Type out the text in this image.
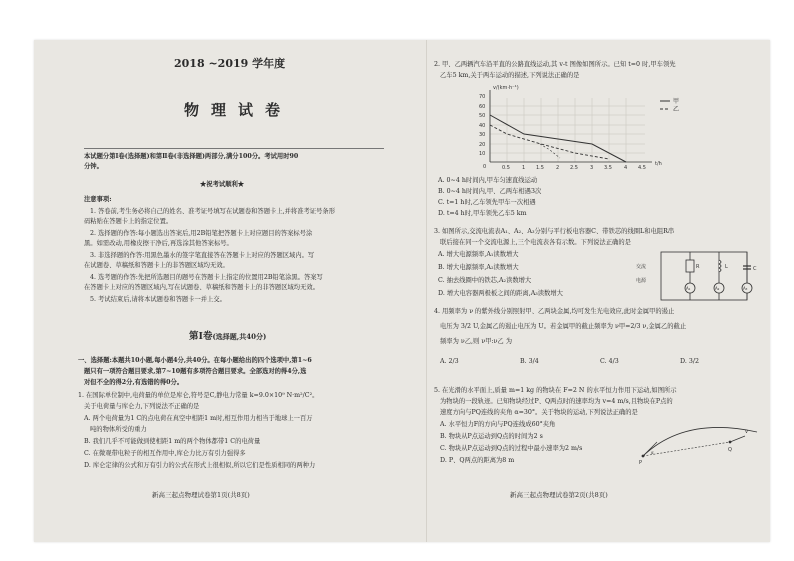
2018 ~2019 学年度
物理试卷
本试题分第Ⅰ卷(选择题)和第Ⅱ卷(非选择题)两部分,满分100分。考试用时90
分钟。
★祝考试顺利★
注意事项:
1. 答卷前,考生务必将自己的姓名、准考证号填写在试题卷和答题卡上,并将准考证号条形
码粘贴在答题卡上的指定位置。
2. 选择题的作答:每小题选出答案后,用2B铅笔把答题卡上对应题目的答案标号涂
黑。如需改动,用橡皮擦干净后,再选涂其他答案标号。
3. 非选择题的作答:用黑色墨水的签字笔直接答在答题卡上对应的答题区域内。写
在试题卷、草稿纸和答题卡上的非答题区域均无效。
4. 选考题的作答:先把所选题目的题号在答题卡上指定的位置用2B铅笔涂黑。答案写
在答题卡上对应的答题区域内,写在试题卷、草稿纸和答题卡上的非答题区域均无效。
5. 考试结束后,请将本试题卷和答题卡一并上交。
第Ⅰ卷(选择题,共40分)
一、选择题:本题共10小题,每小题4分,共40分。在每小题给出的四个选项中,第1~6
题只有一项符合题目要求,第7~10题有多项符合题目要求。全部选对的得4分,选
对但不全的得2分,有选错的得0分。
1. 在国际单位制中,电荷量的单位是库仑,符号是C,静电力常量 k=9.0×10⁹ N·m²/C²。
关于电荷量与库仑力,下列说法不正确的是
A. 两个电荷量为1 C的点电荷在真空中相距1 m时,相互作用力相当于地球上一百万
吨的物体所受的重力
B. 我们几乎不可能做到使相距1 m的两个物体都带1 C的电荷量
C. 在微观带电粒子的相互作用中,库仑力比万有引力强得多
D. 库仑定律的公式和万有引力的公式在形式上很相似,所以它们是性质相同的两种力
新高三起点物理试卷第1页(共8页)
2. 甲、乙两辆汽车沿平直的公路直线运动,其 v-t 图像如图所示。已知 t=0 时,甲车领先
乙车5 km,关于两车运动的描述,下列说法正确的是
70
60
50
40
30
20
10
0	0.5 1 1.5 2 2.5 3 3.5 4 4.5
v/(km·h⁻¹)
t/h
甲
乙
A. 0~4 h时间内,甲车匀速直线运动
B. 0~4 h时间内,甲、乙两车相遇3次
C. t=1 h时,乙车领先甲车一次相遇
D. t=4 h时,甲车领先乙车5 km
3. 如图所示,交流电流表A₁、A₂、A₃分别与平行板电容器C、带铁芯的线圈L和电阻R串
联后接在同一个交流电源上,三个电流表各有示数。下列说法正确的是
A. 增大电源频率,A₁读数增大
B. 增大电源频率,A₂读数增大
C. 抽去线圈中的铁芯,A₂读数增大
D. 增大电容器两极板之间的距离,A₃读数增大
交流
电源
R	L	C
A₁	A₂	A₃
4. 用频率为 ν 的紫外线分别照射甲、乙两块金属,均可发生光电效应,此时金属甲的遏止
电压为 3/2 U,金属乙的遏止电压为 U。若金属甲的截止频率为 ν甲=2/3 ν,金属乙的截止
频率为 ν乙,则 ν甲:ν乙 为
A. 2/3	B. 3/4	C. 4/3	D. 3/2
5. 在光滑的水平面上,质量 m=1 kg 的物块在 F=2 N 的水平恒力作用下运动,如图所示
为物块的一段轨迹。已知物块经过P、Q两点时的速率均为 v=4 m/s,且物块在P点的
速度方向与PQ连线的夹角 α=30°。关于物块的运动,下列说法正确的是
A. 水平恒力F的方向与PQ连线成60°夹角
B. 物块从P点运动到Q点的时间为2 s
C. 物块从P点运动到Q点的过程中最小速率为2 m/s
D. P、Q两点的距离为8 m	P
Q
α
v
新高三起点物理试卷第2页(共8页)
